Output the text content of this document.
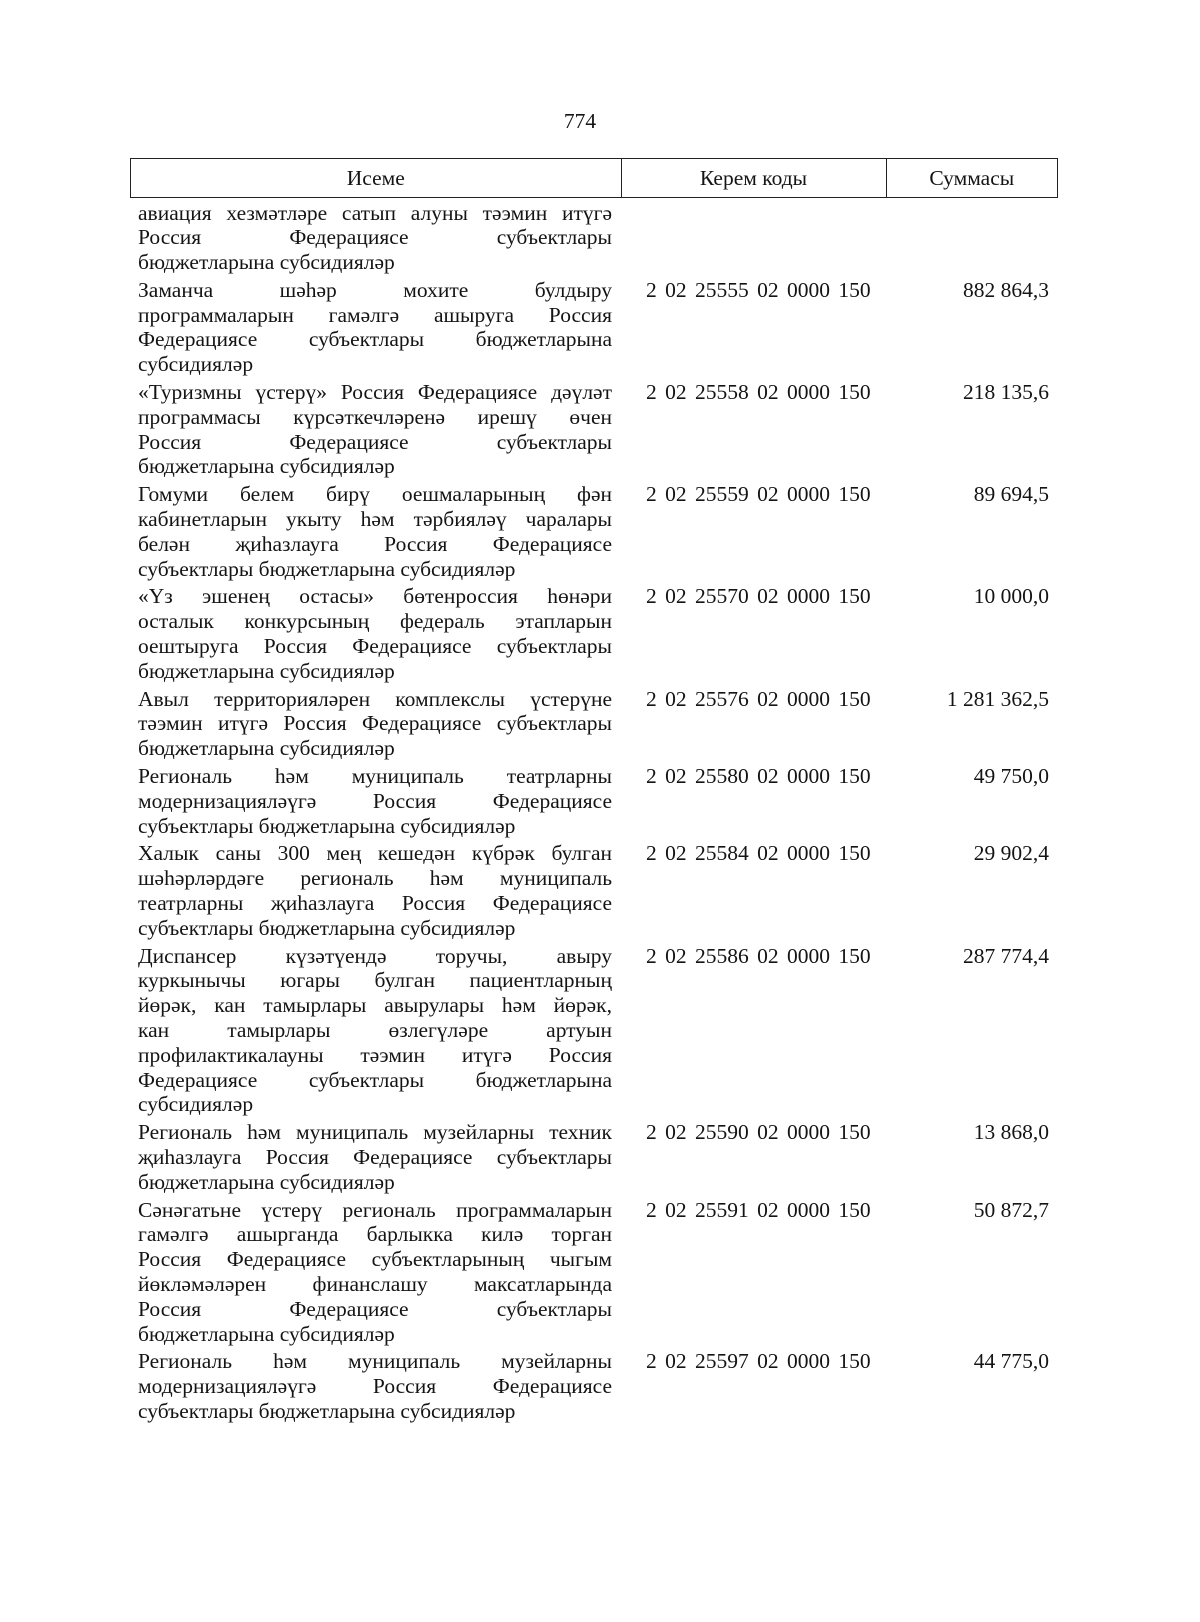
774
Исеме	Керем коды	Суммасы
авиация хезмәтләре сатып алуны тәэмин итүгә
Россия Федерациясе субъектлары
бюджетларына субсидияләр
Заманча шәһәр мохите булдыру
программаларын гамәлгә ашыруга Россия
Федерациясе субъектлары бюджетларына
субсидияләр
2 02 25555 02 0000 150	882 864,3
«Туризмны үстерү» Россия Федерациясе дәүләт
программасы күрсәткечләренә ирешү өчен
Россия Федерациясе субъектлары
бюджетларына субсидияләр
2 02 25558 02 0000 150	218 135,6
Гомуми белем бирү оешмаларының фән
кабинетларын укыту һәм тәрбияләү чаралары
белән җиһазлауга Россия Федерациясе
субъектлары бюджетларына субсидияләр
2 02 25559 02 0000 150	89 694,5
«Үз эшенең остасы» бөтенроссия һөнәри
осталык конкурсының федераль этапларын
оештыруга Россия Федерациясе субъектлары
бюджетларына субсидияләр
2 02 25570 02 0000 150	10 000,0
Авыл территорияләрен комплекслы үстерүне
тәэмин итүгә Россия Федерациясе субъектлары
бюджетларына субсидияләр
2 02 25576 02 0000 150	1 281 362,5
Региональ һәм муниципаль театрларны
модернизацияләүгә Россия Федерациясе
субъектлары бюджетларына субсидияләр
2 02 25580 02 0000 150	49 750,0
Халык саны 300 мең кешедән күбрәк булган
шәһәрләрдәге региональ һәм муниципаль
театрларны җиһазлауга Россия Федерациясе
субъектлары бюджетларына субсидияләр
2 02 25584 02 0000 150	29 902,4
Диспансер күзәтүендә торучы, авыру
куркынычы югары булган пациентларның
йөрәк, кан тамырлары авырулары һәм йөрәк,
кан тамырлары өзлегүләре артуын
профилактикалауны тәэмин итүгә Россия
Федерациясе субъектлары бюджетларына
субсидияләр
2 02 25586 02 0000 150	287 774,4
Региональ һәм муниципаль музейларны техник
җиһазлауга Россия Федерациясе субъектлары
бюджетларына субсидияләр
2 02 25590 02 0000 150	13 868,0
Сәнәгатьне үстерү региональ программаларын
гамәлгә ашырганда барлыкка килә торган
Россия Федерациясе субъектларының чыгым
йөкләмәләрен финанслашу максатларында
Россия Федерациясе субъектлары
бюджетларына субсидияләр
2 02 25591 02 0000 150	50 872,7
Региональ һәм муниципаль музейларны
модернизацияләүгә Россия Федерациясе
субъектлары бюджетларына субсидияләр
2 02 25597 02 0000 150	44 775,0
